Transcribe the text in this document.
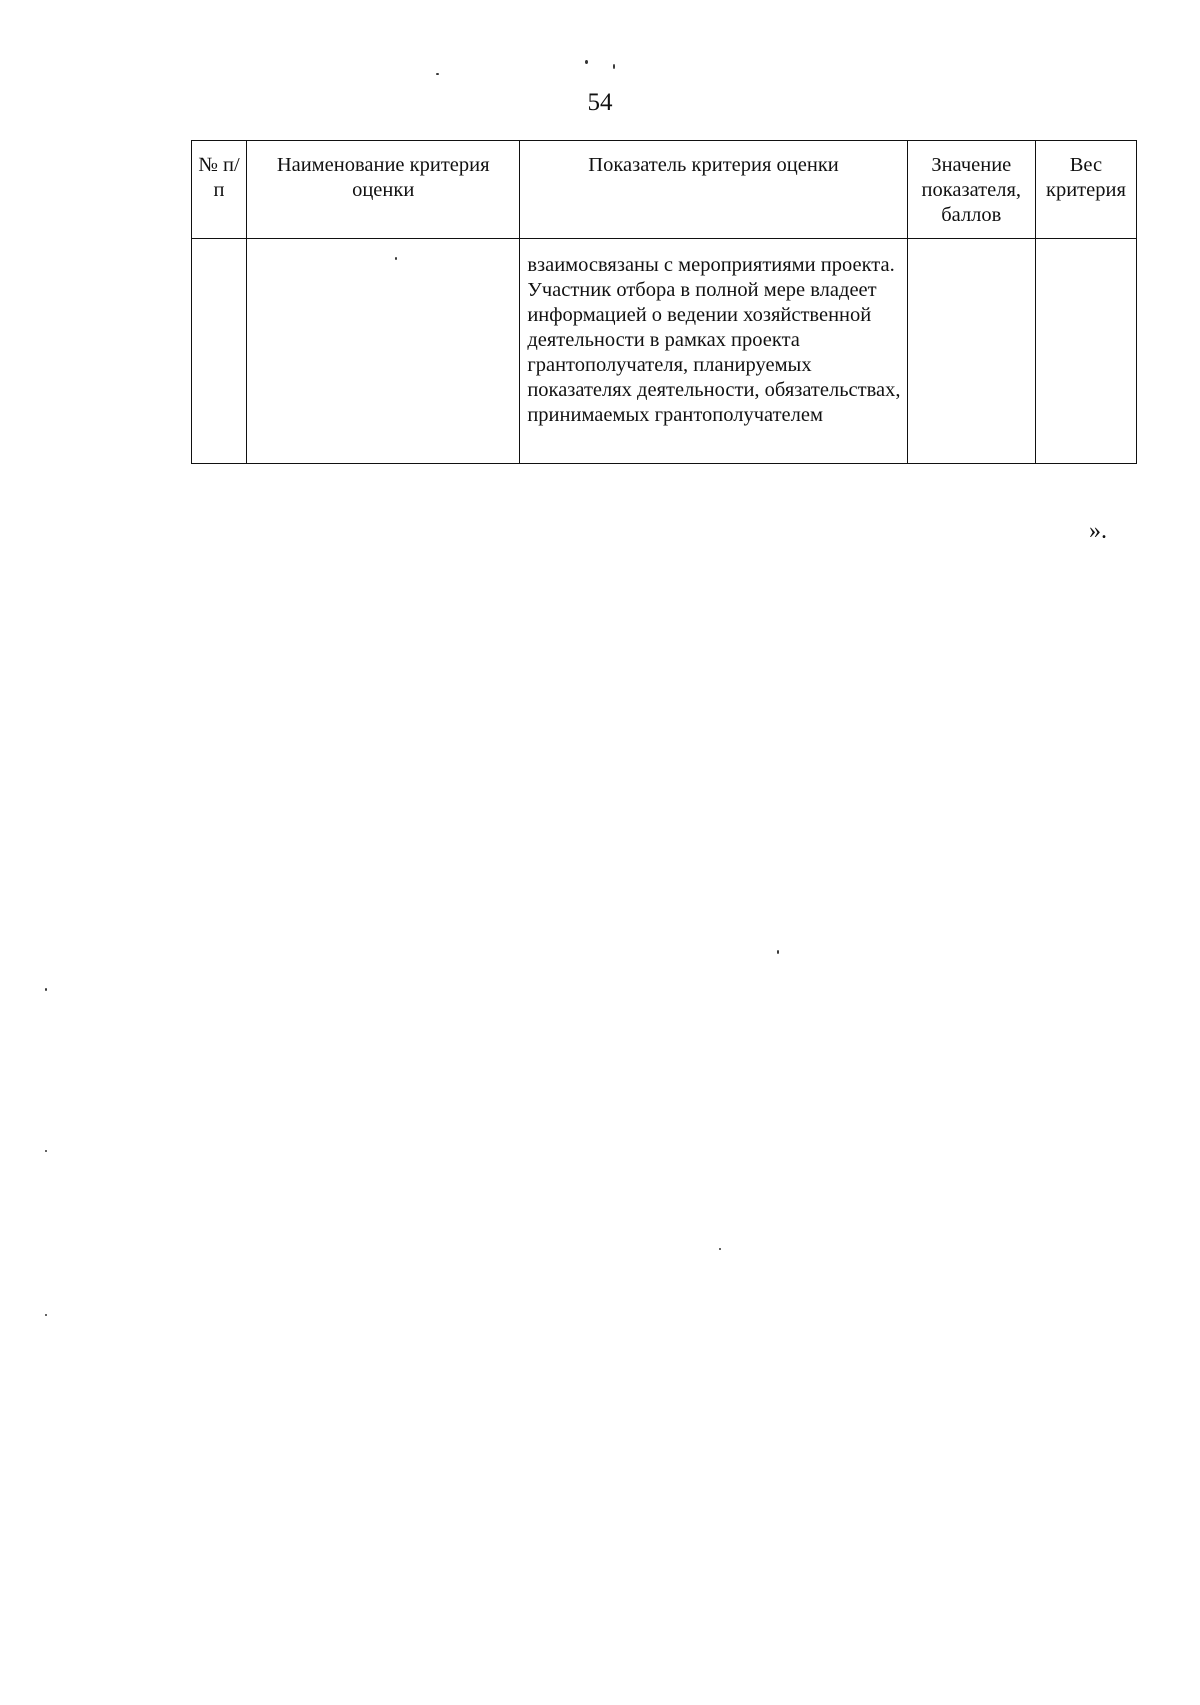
54
№ п/п	Наименование критерия оценки	Показатель критерия оценки	Значение показателя, баллов	Вес критерия
		взаимосвязаны с мероприятиями проекта. Участник отбора в полной мере владеет информацией о ведении хозяйственной деятельности в рамках проекта грантополучателя, планируемых показателях деятельности, обязательствах, принимаемых грантополучателем		
».
